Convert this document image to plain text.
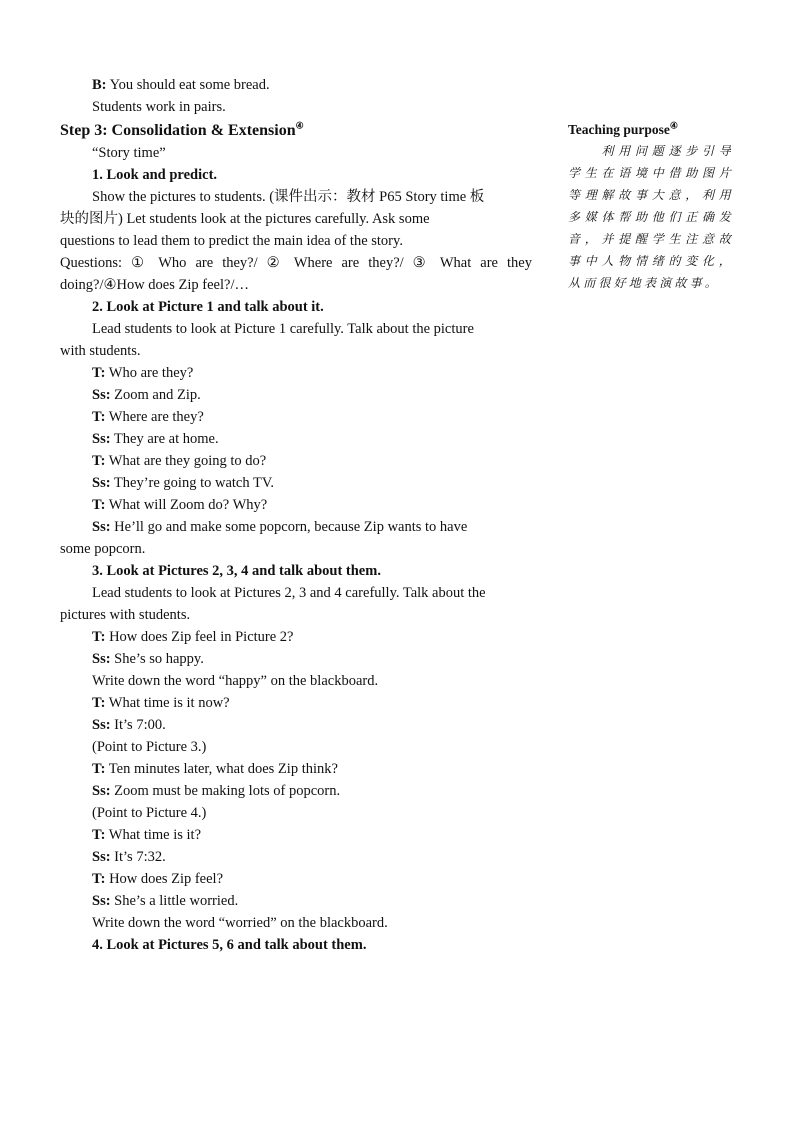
B: You should eat some bread.
Students work in pairs.
Step 3: Consolidation & Extension④
“Story time”
1. Look and predict.
Show the pictures to students. (课件出示：教材 P65 Story time 板
块的图片) Let students look at the pictures carefully. Ask some
questions to lead them to predict the main idea of the story.
Questions: ① Who are they?/ ② Where are they?/ ③ What are they
doing?/④How does Zip feel?/…
2. Look at Picture 1 and talk about it.
Lead students to look at Picture 1 carefully. Talk about the picture
with students.
T: Who are they?
Ss: Zoom and Zip.
T: Where are they?
Ss: They are at home.
T: What are they going to do?
Ss: They’re going to watch TV.
T: What will Zoom do? Why?
Ss: He’ll go and make some popcorn, because Zip wants to have
some popcorn.
3. Look at Pictures 2, 3, 4 and talk about them.
Lead students to look at Pictures 2, 3 and 4 carefully. Talk about the
pictures with students.
T: How does Zip feel in Picture 2?
Ss: She’s so happy.
Write down the word “happy” on the blackboard.
T: What time is it now?
Ss: It’s 7:00.
(Point to Picture 3.)
T: Ten minutes later, what does Zip think?
Ss: Zoom must be making lots of popcorn.
(Point to Picture 4.)
T: What time is it?
Ss: It’s 7:32.
T: How does Zip feel?
Ss: She’s a little worried.
Write down the word “worried” on the blackboard.
4. Look at Pictures 5, 6 and talk about them.
Teaching purpose④
　　利用问题逐步引导学生在语境中借助图片等理解故事大意，利用多媒体帮助他们正确发音，并提醒学生注意故事中人物情绪的变化，从而很好地表演故事。
